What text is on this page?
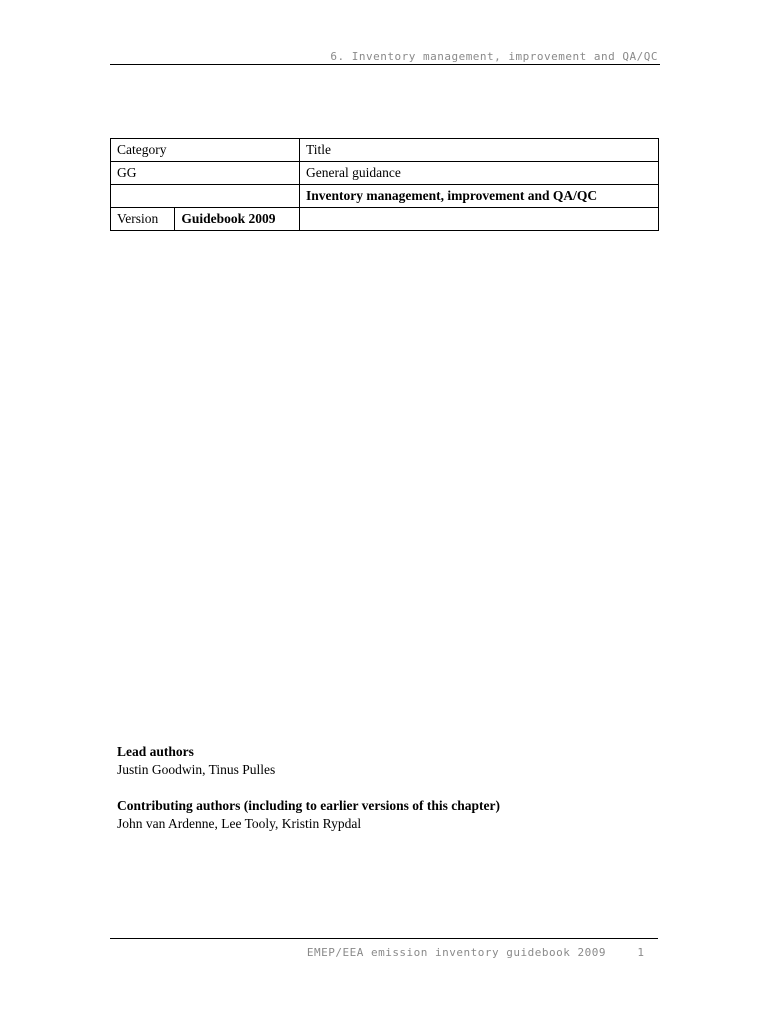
6. Inventory management, improvement and QA/QC
Category		Title
GG		General guidance
		Inventory management, improvement and QA/QC
Version	Guidebook 2009	
Lead authors
Justin Goodwin, Tinus Pulles
Contributing authors (including to earlier versions of this chapter)
John van Ardenne, Lee Tooly, Kristin Rypdal
EMEP/EEA emission inventory guidebook 2009	1
